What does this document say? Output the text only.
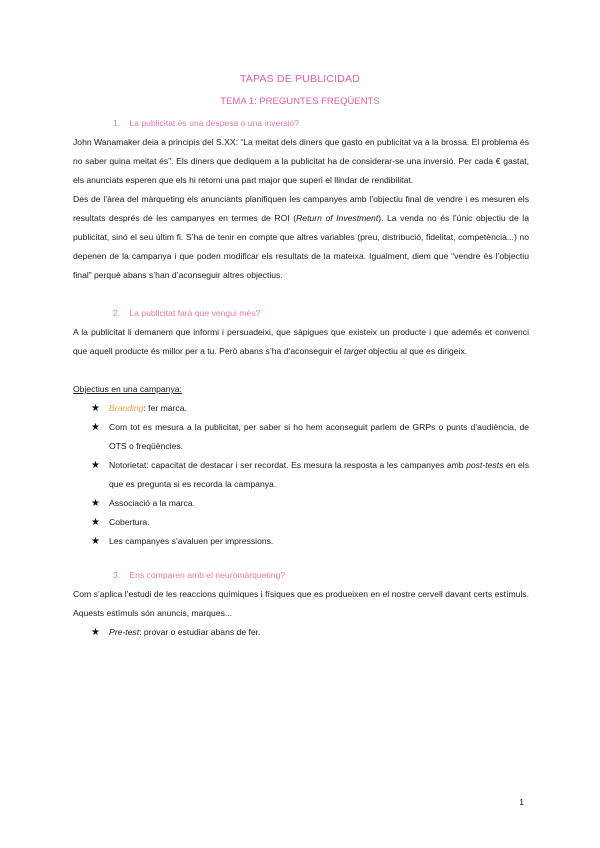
TAPAS DE PUBLICIDAD
TEMA 1: PREGUNTES FREQÜENTS
1. La publicitat és una despesa o una inversió?

John Wanamaker deia a principis del S.XX: “La meitat dels diners que gasto en publicitat va a la brossa. El problema és no saber quina meitat és”. Els diners que dediquem a la publicitat ha de considerar-se una inversió. Per cada € gastat, els anunciats esperen que els hi retorni una part major que superi el llindar de rendibilitat.

Des de l’àrea del màrqueting els anunciants planifiquen les campanyes amb l’objectiu final de vendre i es mesuren els resultats després de les campanyes en termes de ROI (Return of Investment). La venda no és l’únic objectiu de la publicitat, sinó el seu últim fi. S’ha de tenir en compte que altres variables (preu, distribució, fidelitat, competència...) no depenen de la campanya i que poden modificar els resultats de la mateixa. Igualment, diem que “vendre és l’objectiu final” perquè abans s’han d’aconseguir altres objectius.

2. La publicitat farà que vengui més?

A la publicitat li demanem que informi i persuadeixi, que sàpigues que existeix un producte i que ademés et convenci que aquell producte és millor per a tu. Però abans s’ha d’aconseguir el target objectiu al que es dirigeix.

Objectius en una campanya:
★ Branding: fer marca.
★ Com tot es mesura a la publicitat, per saber si ho hem aconseguit parlem de GRPs o punts d’audiència, de OTS o freqüències.
★ Notorietat: capacitat de destacar i ser recordat. Es mesura la resposta a les campanyes amb post-tests en els que es pregunta si es recorda la campanya.
★ Associació a la marca.
★ Cobertura.
★ Les campanyes s’avaluen per impressions.
3. Ens comparen amb el neuromàrqueting?

Com s’aplica l’estudi de les reaccions químiques i físiques que es produeixen en el nostre cervell davant certs estímuls. Aquests estímuls són anuncis, marques...

★ Pre-test: provar o estudiar abans de fer.
1
